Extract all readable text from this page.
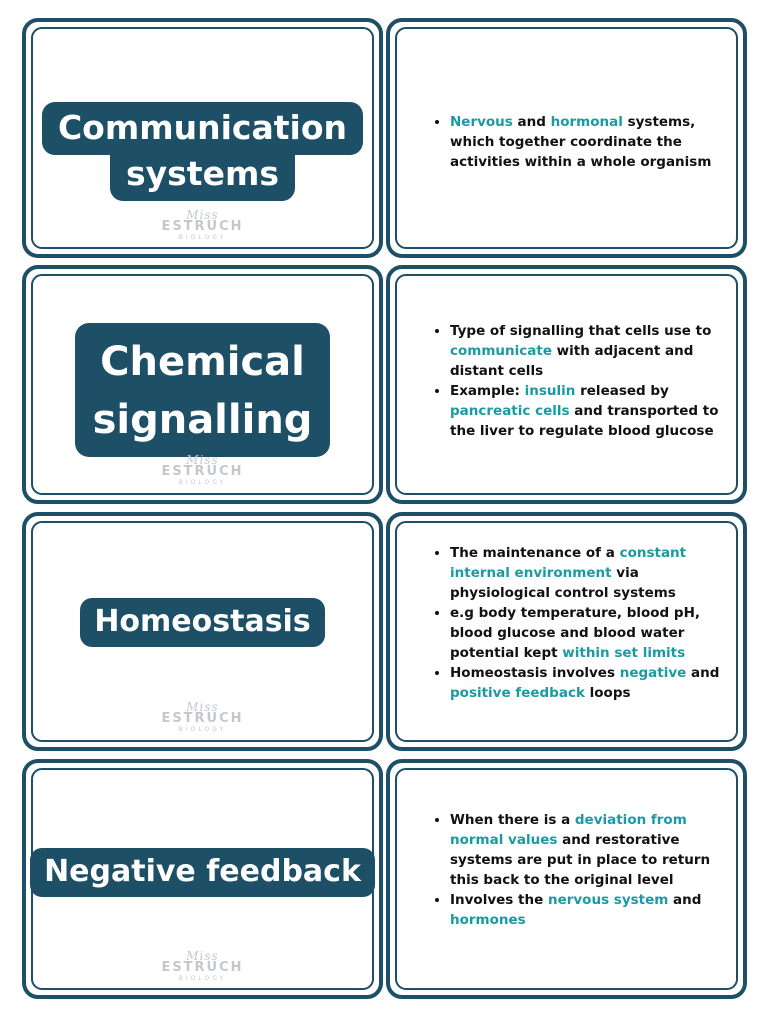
Communication
systems
Miss
ESTRUCH
BIOLOGY
• Nervous and hormonal systems, which together coordinate the activities within a whole organism
Chemical
signalling
Miss
ESTRUCH
BIOLOGY
• Type of signalling that cells use to communicate with adjacent and distant cells
• Example: insulin released by pancreatic cells and transported to the liver to regulate blood glucose
Homeostasis
Miss
ESTRUCH
BIOLOGY
• The maintenance of a constant internal environment via physiological control systems
• e.g body temperature, blood pH, blood glucose and blood water potential kept within set limits
• Homeostasis involves negative and positive feedback loops
Negative feedback
Miss
ESTRUCH
BIOLOGY
• When there is a deviation from normal values and restorative systems are put in place to return this back to the original level
• Involves the nervous system and hormones
